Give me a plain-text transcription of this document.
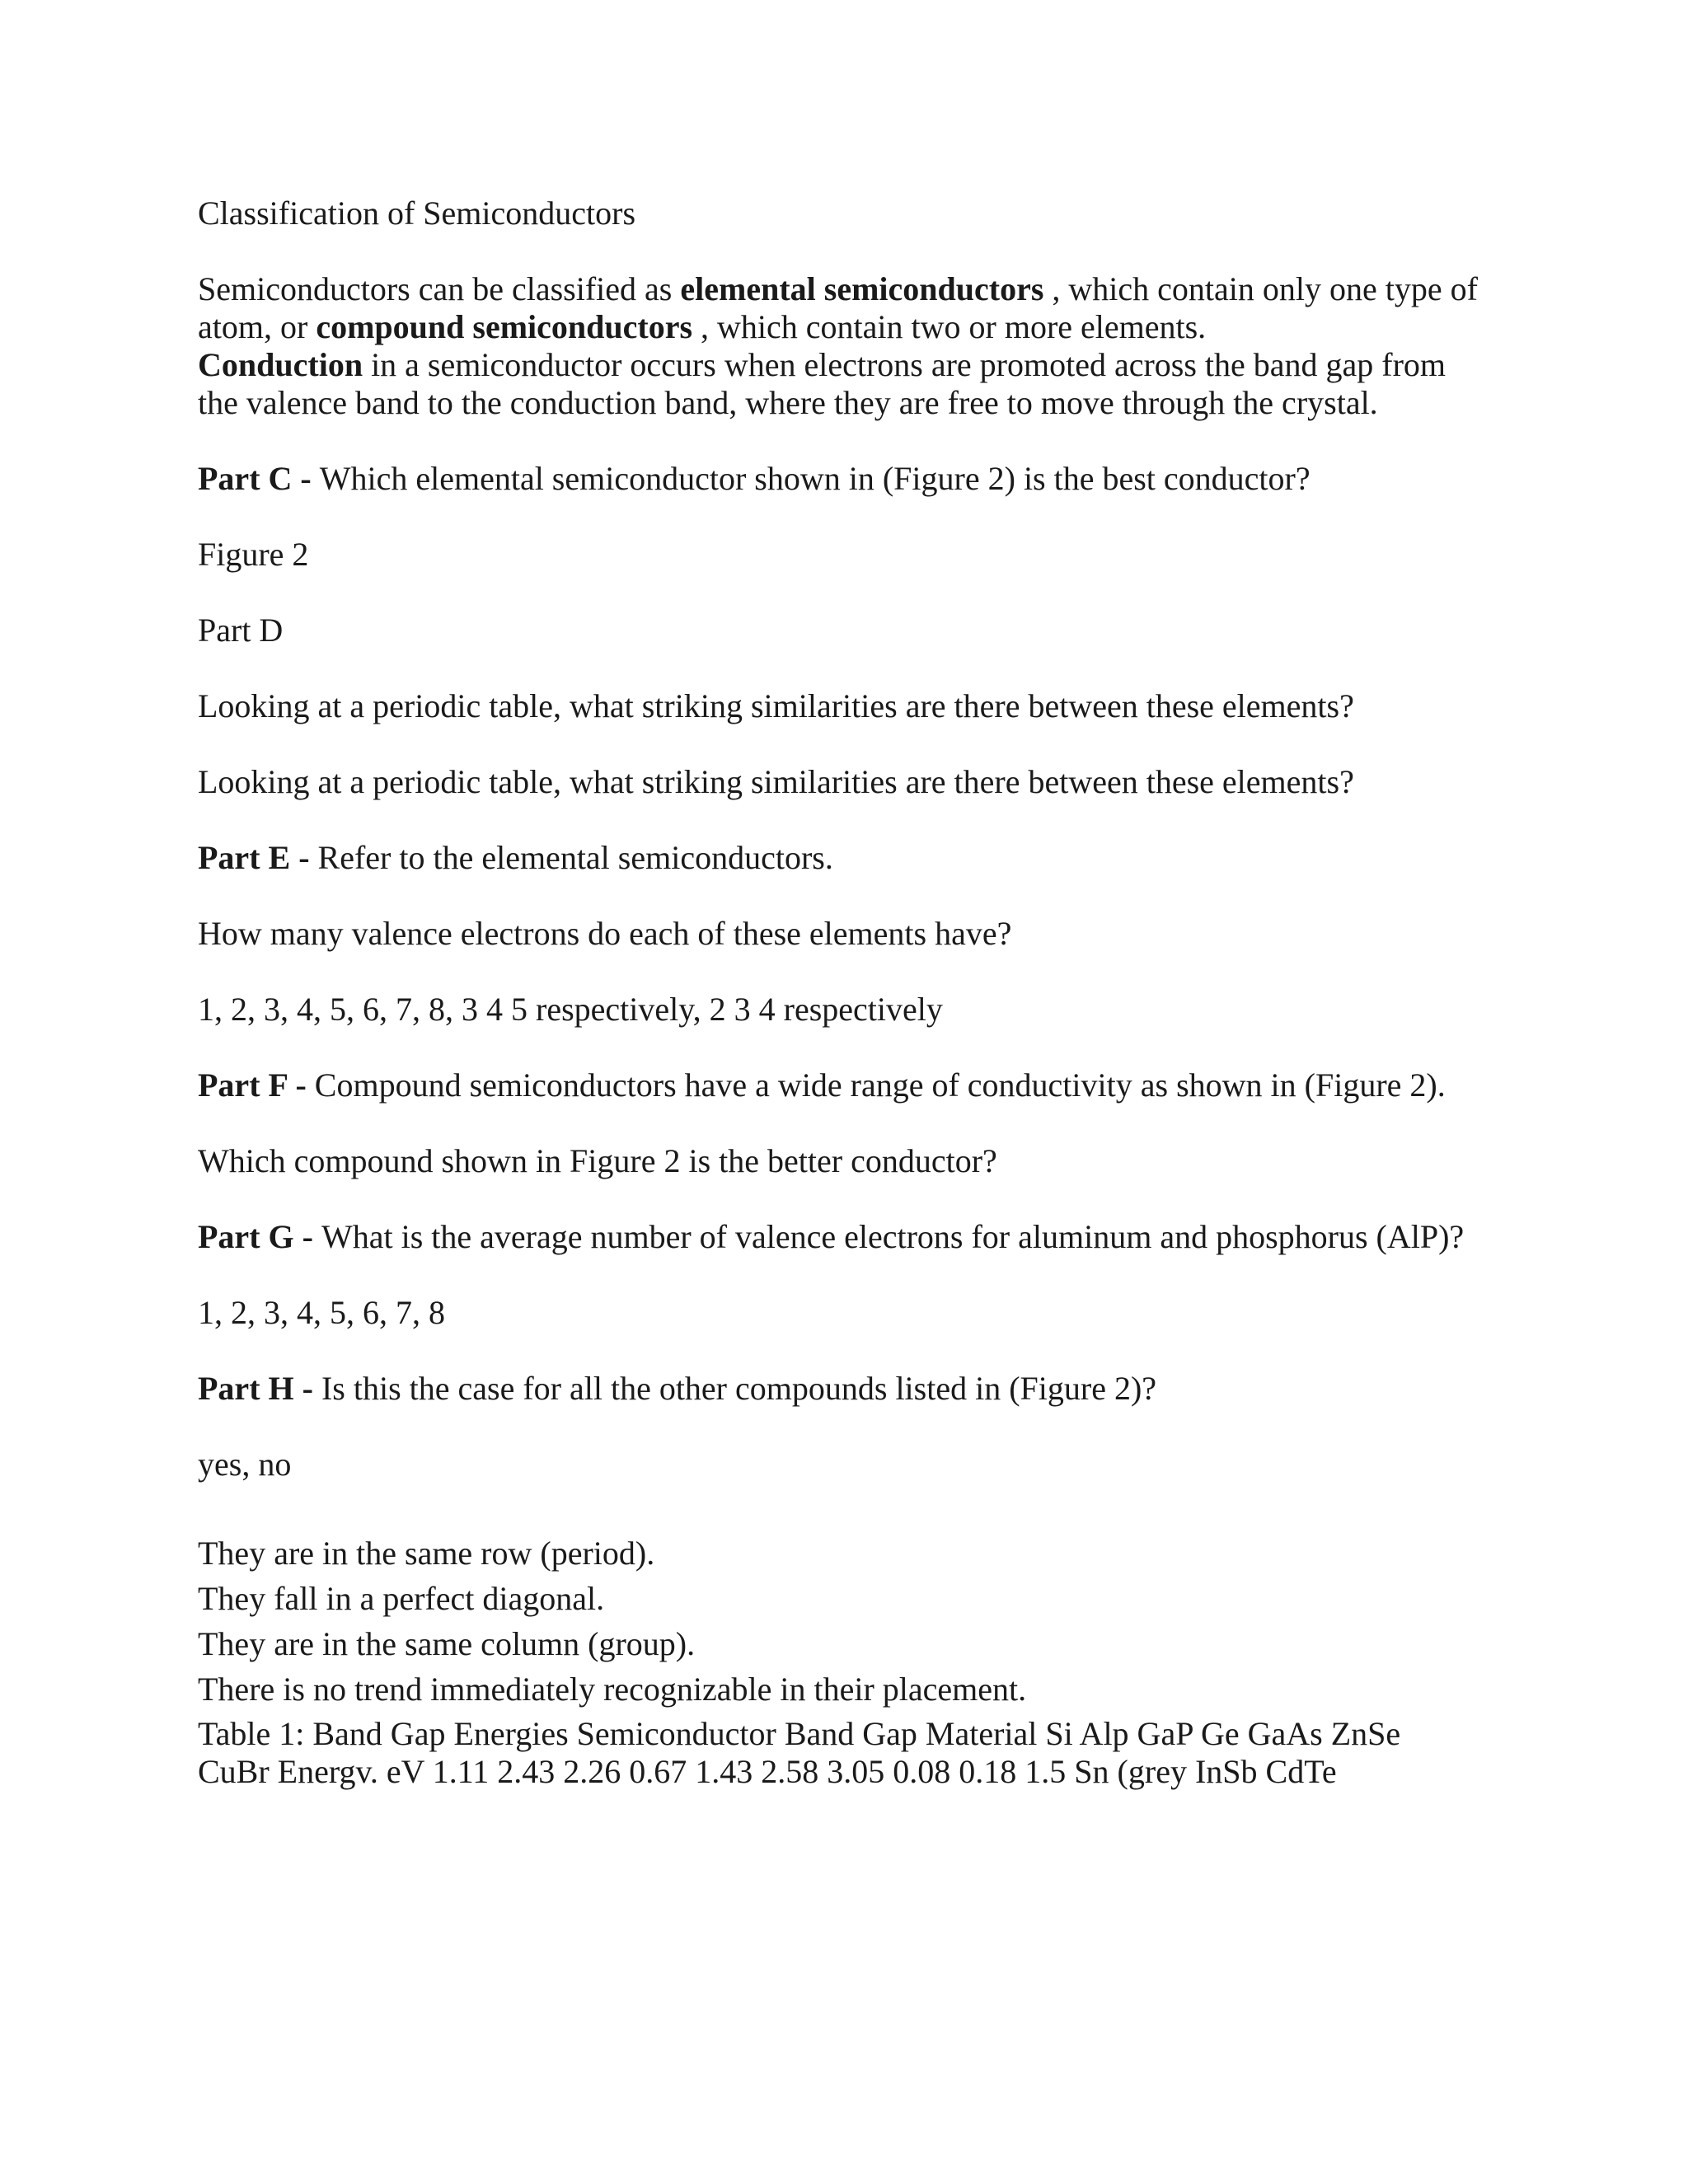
Classification of Semiconductors
Semiconductors can be classified as elemental semiconductors , which contain only one type of
atom, or compound semiconductors , which contain two or more elements.
Conduction in a semiconductor occurs when electrons are promoted across the band gap from
the valence band to the conduction band, where they are free to move through the crystal.
Part C - Which elemental semiconductor shown in (Figure 2) is the best conductor?
Figure 2
Part D
Looking at a periodic table, what striking similarities are there between these elements?
Looking at a periodic table, what striking similarities are there between these elements?
Part E - Refer to the elemental semiconductors.
How many valence electrons do each of these elements have?
1, 2, 3, 4, 5, 6, 7, 8, 3 4 5 respectively, 2 3 4 respectively
Part F - Compound semiconductors have a wide range of conductivity as shown in (Figure 2).
Which compound shown in Figure 2 is the better conductor?
Part G - What is the average number of valence electrons for aluminum and phosphorus (AlP)?
1, 2, 3, 4, 5, 6, 7, 8
Part H - Is this the case for all the other compounds listed in (Figure 2)?
yes, no
They are in the same row (period).
They fall in a perfect diagonal.
They are in the same column (group).
There is no trend immediately recognizable in their placement.
Table 1: Band Gap Energies Semiconductor Band Gap Material Si Alp GaP Ge GaAs ZnSe
CuBr Energv. eV 1.11 2.43 2.26 0.67 1.43 2.58 3.05 0.08 0.18 1.5 Sn (grey InSb CdTe
